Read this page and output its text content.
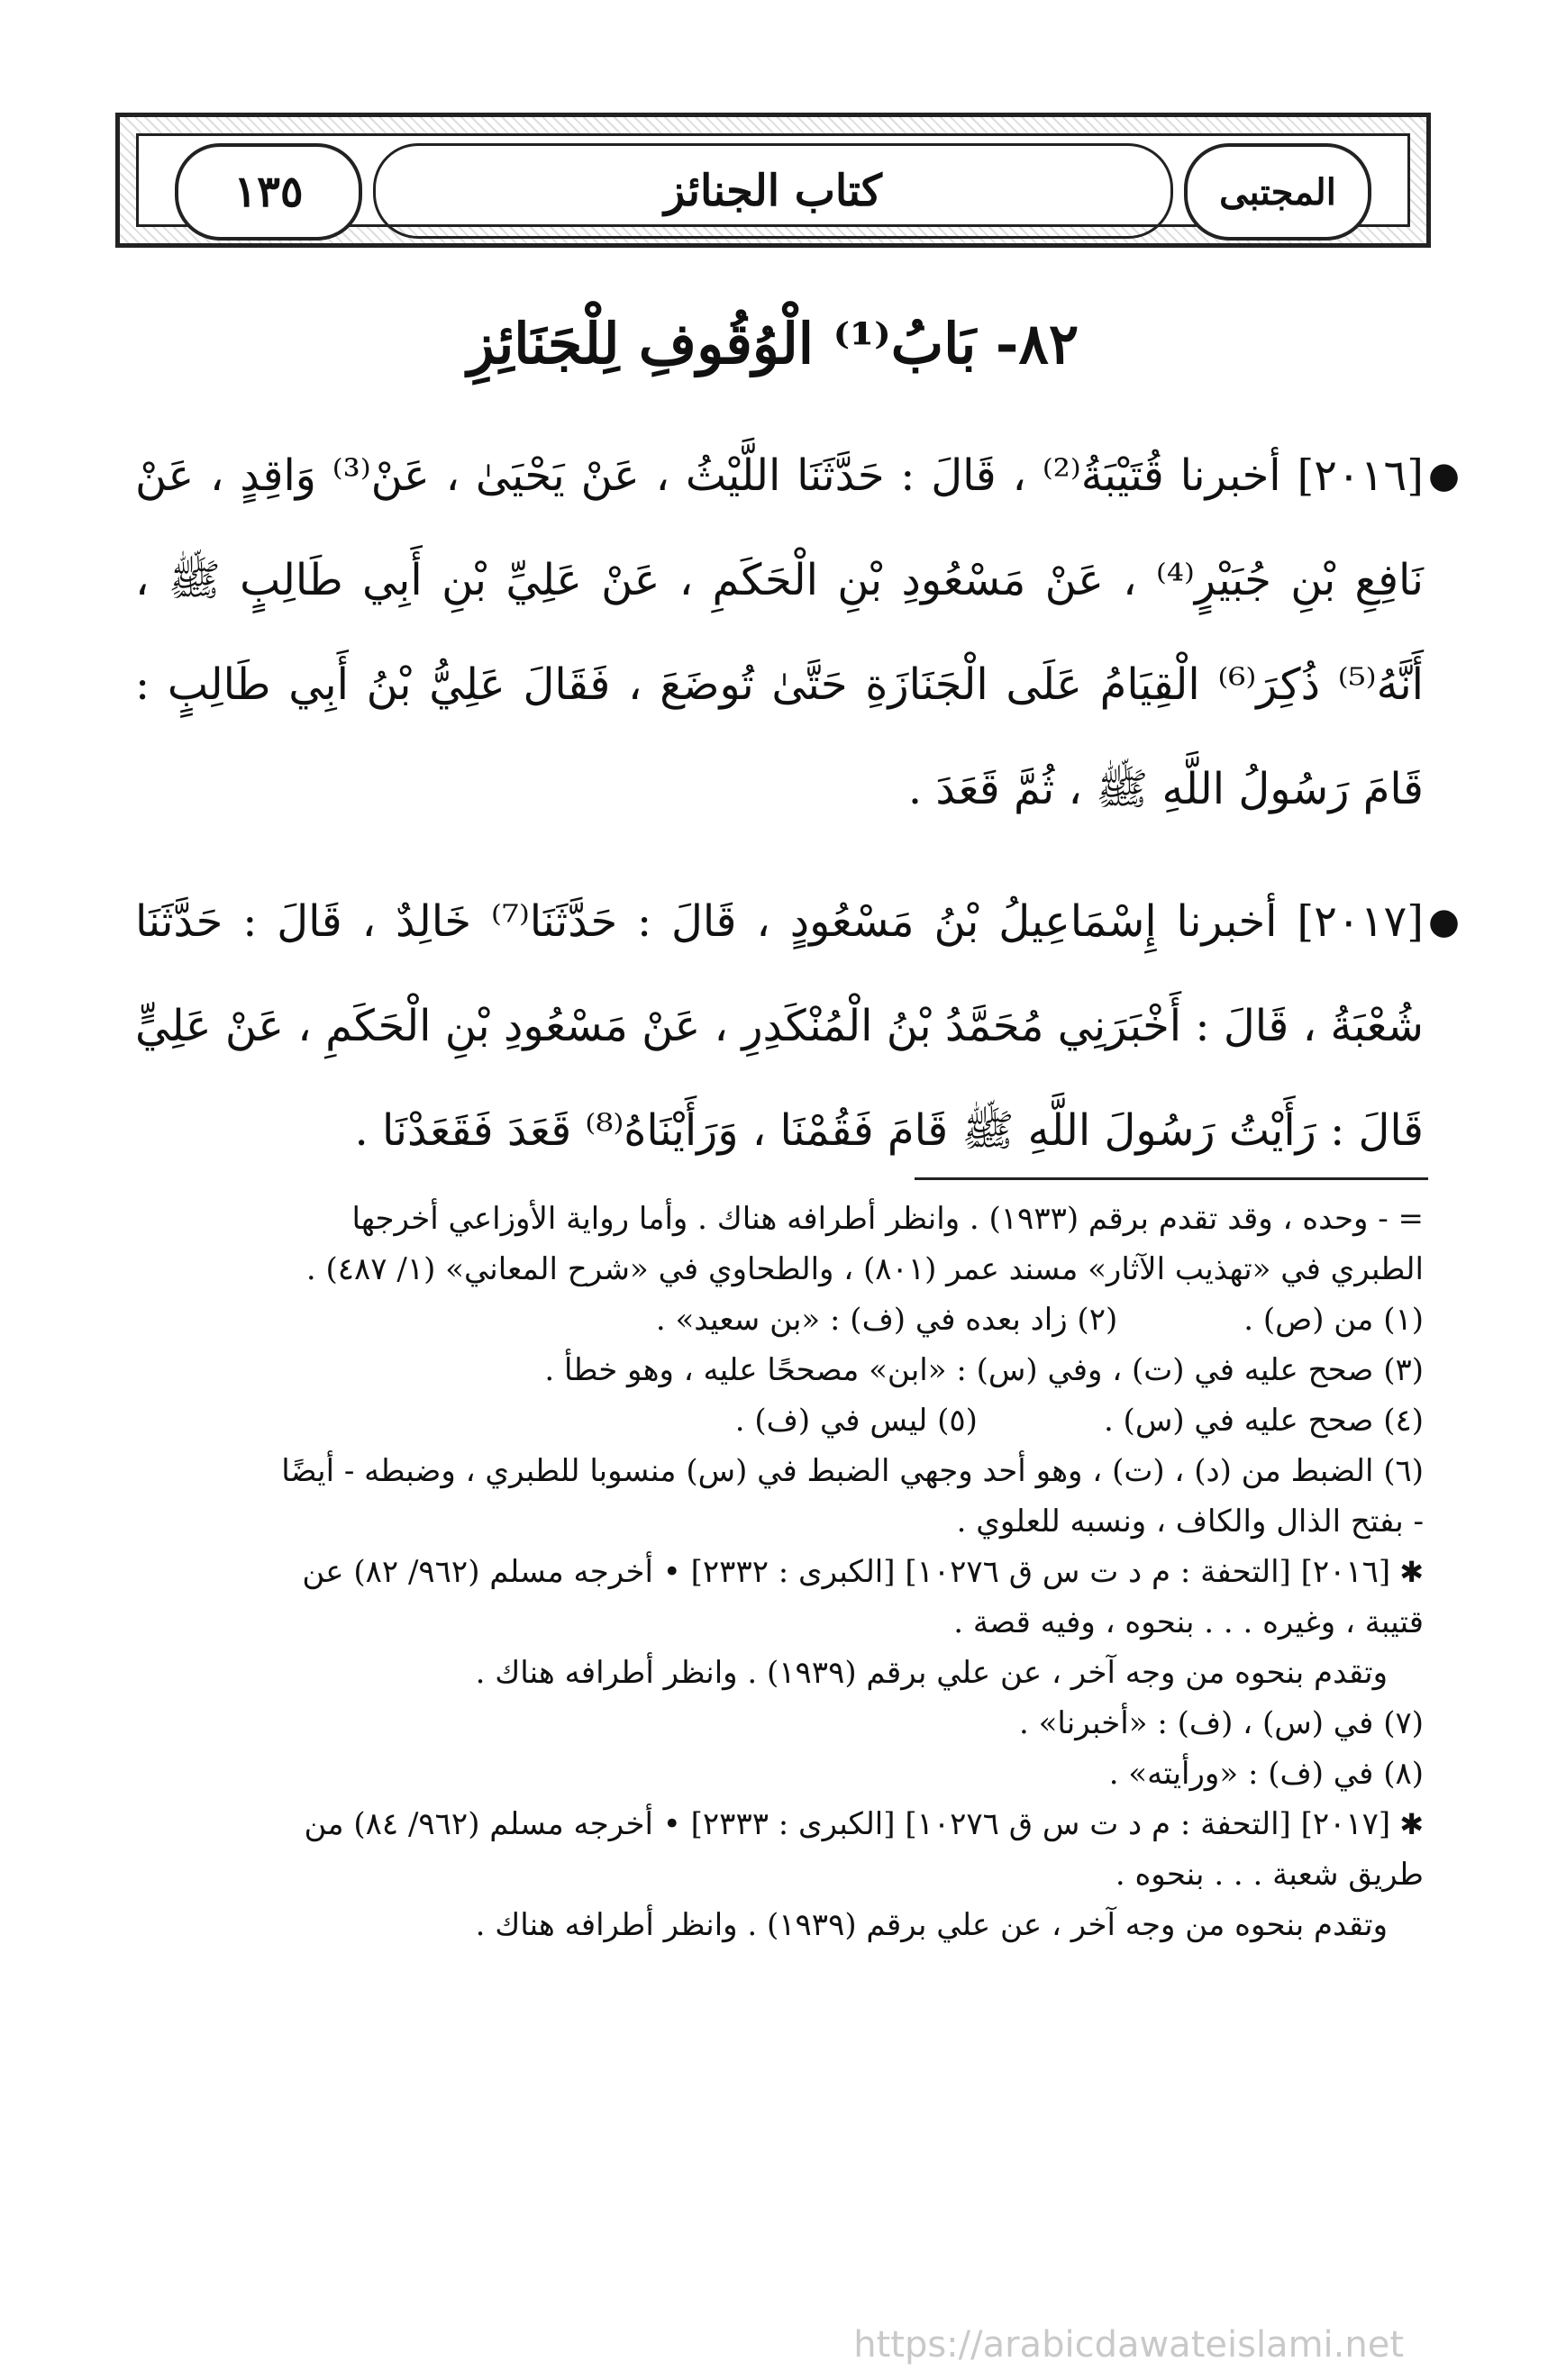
١٣٥	كتاب الجنائز	المجتبى
٨٢- بَابُ⁽¹⁾ الْوُقُوفِ لِلْجَنَائِزِ
●
[٢٠١٦] أخبرنا قُتَيْبَةُ⁽²⁾ ، قَالَ : حَدَّثَنَا اللَّيْثُ ، عَنْ يَحْيَىٰ ، عَنْ⁽³⁾ وَاقِدٍ ، عَنْ نَافِعِ بْنِ جُبَيْرٍ⁽⁴⁾ ، عَنْ مَسْعُودِ بْنِ الْحَكَمِ ، عَنْ عَلِيِّ بْنِ أَبِي طَالِبٍ ﷺ ، أَنَّهُ⁽⁵⁾ ذُكِرَ⁽⁶⁾ الْقِيَامُ عَلَى الْجَنَازَةِ حَتَّىٰ تُوضَعَ ، فَقَالَ عَلِيُّ بْنُ أَبِي طَالِبٍ : قَامَ رَسُولُ اللَّهِ ﷺ ، ثُمَّ قَعَدَ .
●
[٢٠١٧] أخبرنا إِسْمَاعِيلُ بْنُ مَسْعُودٍ ، قَالَ : حَدَّثَنَا⁽⁷⁾ خَالِدٌ ، قَالَ : حَدَّثَنَا شُعْبَةُ ، قَالَ : أَخْبَرَنِي مُحَمَّدُ بْنُ الْمُنْكَدِرِ ، عَنْ مَسْعُودِ بْنِ الْحَكَمِ ، عَنْ عَلِيٍّ قَالَ : رَأَيْتُ رَسُولَ اللَّهِ ﷺ قَامَ فَقُمْنَا ، وَرَأَيْنَاهُ⁽⁸⁾ قَعَدَ فَقَعَدْنَا .
= - وحده ، وقد تقدم برقم (١٩٣٣) . وانظر أطرافه هناك . وأما رواية الأوزاعي أخرجها
الطبري في «تهذيب الآثار» مسند عمر (٨٠١) ، والطحاوي في «شرح المعاني» (١/ ٤٨٧) .
(١) من (ص) .
(٢) زاد بعده في (ف) : «بن سعيد» .
(٣) صحح عليه في (ت) ، وفي (س) : «ابن» مصححًا عليه ، وهو خطأ .
(٤) صحح عليه في (س) .
(٥) ليس في (ف) .
(٦) الضبط من (د) ، (ت) ، وهو أحد وجهي الضبط في (س) منسوبا للطبري ، وضبطه - أيضًا
- بفتح الذال والكاف ، ونسبه للعلوي .
✱[٢٠١٦] [التحفة : م د ت س ق ١٠٢٧٦] [الكبرى : ٢٣٣٢] • أخرجه مسلم (٩٦٢/ ٨٢) عن
قتيبة ، وغيره . . . بنحوه ، وفيه قصة .
وتقدم بنحوه من وجه آخر ، عن علي برقم (١٩٣٩) . وانظر أطرافه هناك .
(٧) في (س) ، (ف) : «أخبرنا» .
(٨) في (ف) : «ورأيته» .
✱[٢٠١٧] [التحفة : م د ت س ق ١٠٢٧٦] [الكبرى : ٢٣٣٣] • أخرجه مسلم (٩٦٢/ ٨٤) من
طريق شعبة . . . بنحوه .
وتقدم بنحوه من وجه آخر ، عن علي برقم (١٩٣٩) . وانظر أطرافه هناك .
https://arabicdawateislami.net
